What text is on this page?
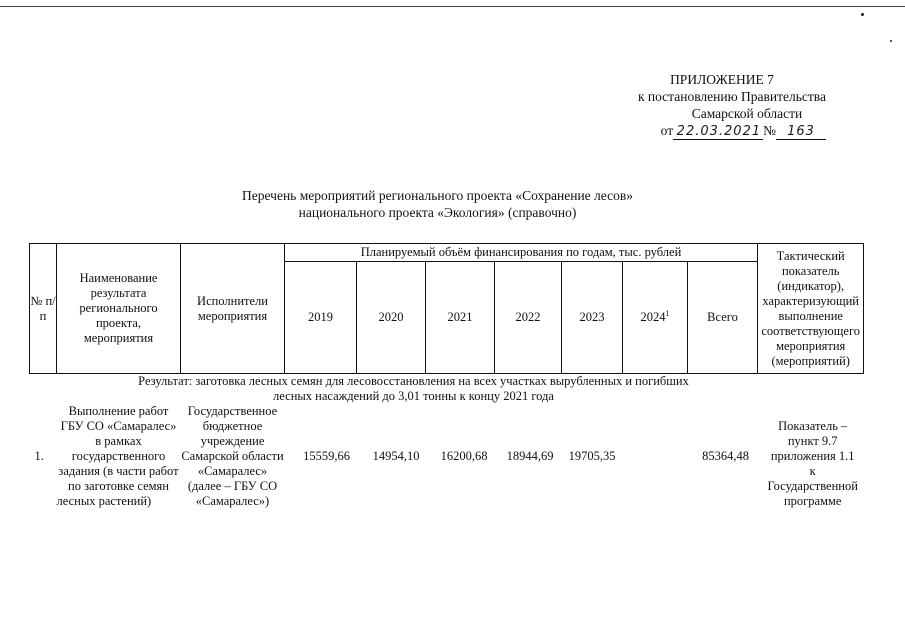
ПРИЛОЖЕНИЕ 7
к постановлению Правительства
Самарской области
от 22.03.2021 № 163
Перечень мероприятий регионального проекта «Сохранение лесов»
национального проекта «Экология» (справочно)
№ п/п	Наименование результата регионального проекта, мероприятия	Исполнители мероприятия	Планируемый объём финансирования по годам, тыс. рублей							Тактический показатель (индикатор), характеризующий выполнение соответствующего мероприятия (мероприятий)
			2019	2020	2021	2022	2023	2024$^1$	Всего	

Результат: заготовка лесных семян для лесовосстановления на всех участках вырубленных и погибших
лесных насаждений до 3,01 тонны к концу 2021 года										

1.	Выполнение работ ГБУ СО «Самаралес» в рамках государственного задания (в части работ по заготовке семян лесных растений)	Государственное бюджетное учреждение Самарской области «Самаралес» (далее – ГБУ СО «Самаралес»)	15559,66	14954,10	16200,68	18944,69	19705,35		85364,48	Показатель – пункт 9.7 приложения 1.1 к Государственной программе
